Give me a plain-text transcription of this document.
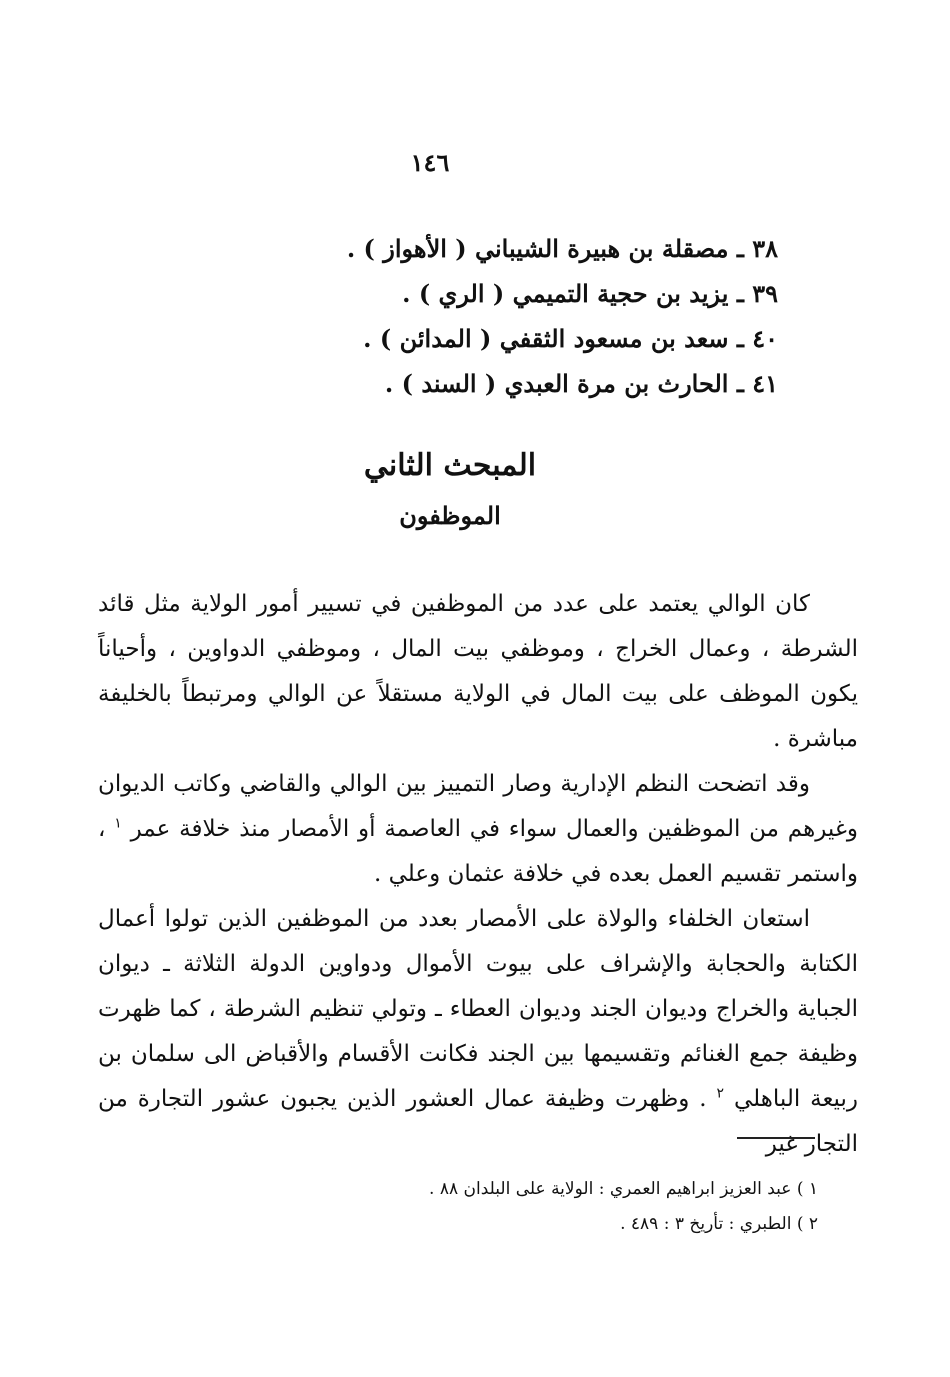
١٤٦
٣٨ ـ مصقلة بن هبيرة الشيباني ( الأهواز ) .
٣٩ ـ يزيد بن حجية التميمي ( الري ) .
٤٠ ـ سعد بن مسعود الثقفي ( المدائن ) .
٤١ ـ الحارث بن مرة العبدي ( السند ) .
المبحث الثاني
الموظفون

كان الوالي يعتمد على عدد من الموظفين في تسيير أمور الولاية مثل قائد الشرطة ، وعمال الخراج ، وموظفي بيت المال ، وموظفي الدواوين ، وأحياناً يكون الموظف على بيت المال في الولاية مستقلاً عن الوالي ومرتبطاً بالخليفة مباشرة .

وقد اتضحت النظم الإدارية وصار التمييز بين الوالي والقاضي وكاتب الديوان وغيرهم من الموظفين والعمال سواء في العاصمة أو الأمصار منذ خلافة عمر $^١$ ، واستمر تقسيم العمل بعده في خلافة عثمان وعلي .

استعان الخلفاء والولاة على الأمصار بعدد من الموظفين الذين تولوا أعمال الكتابة والحجابة والإشراف على بيوت الأموال ودواوين الدولة الثلاثة ـ ديوان الجباية والخراج وديوان الجند وديوان العطاء ـ وتولي تنظيم الشرطة ، كما ظهرت وظيفة جمع الغنائم وتقسيمها بين الجند فكانت الأقسام والأقباض الى سلمان بن ربيعة الباهلي $^٢$ . وظهرت وظيفة عمال العشور الذين يجبون عشور التجارة من التجار غير

١ ) عبد العزيز ابراهيم العمري : الولاية على البلدان ٨٨ .
٢ ) الطبري : تأريخ ٣ : ٤٨٩ .
